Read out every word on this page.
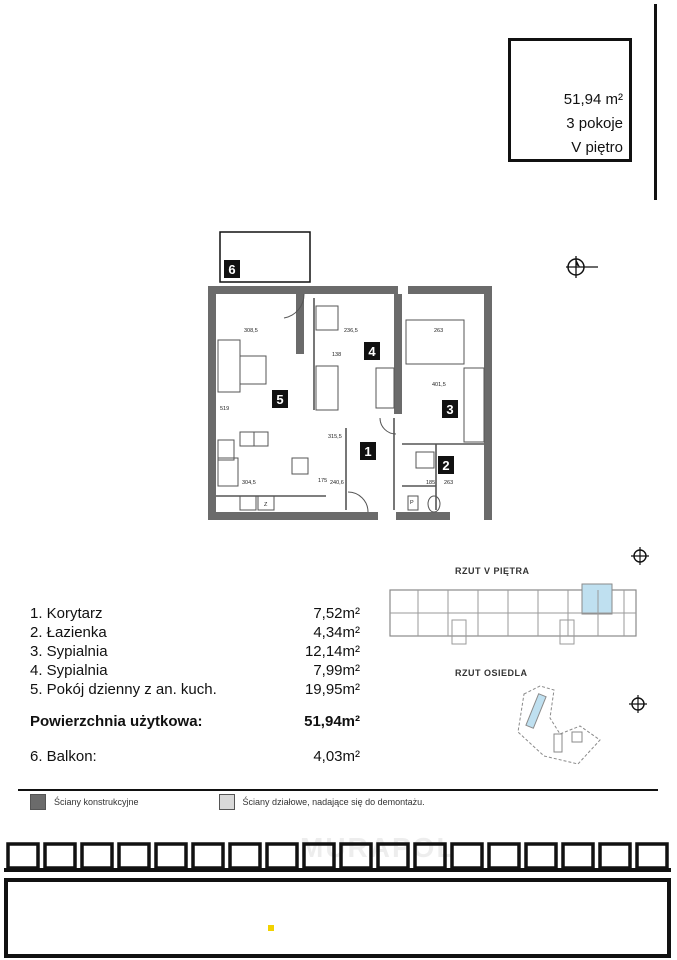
51,94 m²
3 pokoje
V piętro
308,5	236,5	263
401,5
315,5
304,5	240,6	263
519
138
175	185
P
Z
1
2
3
4
5
6
RZUT V PIĘTRA
RZUT OSIEDLA
1. Korytarz	7,52m²
2. Łazienka	4,34m²
3. Sypialnia	12,14m²
4. Sypialnia	7,99m²
5. Pokój dzienny z an. kuch.	19,95m²
Powierzchnia użytkowa:	51,94m²
6. Balkon:	4,03m²
Ściany konstrukcyjne	Ściany działowe, nadające się do demontażu.
MURAPOL
